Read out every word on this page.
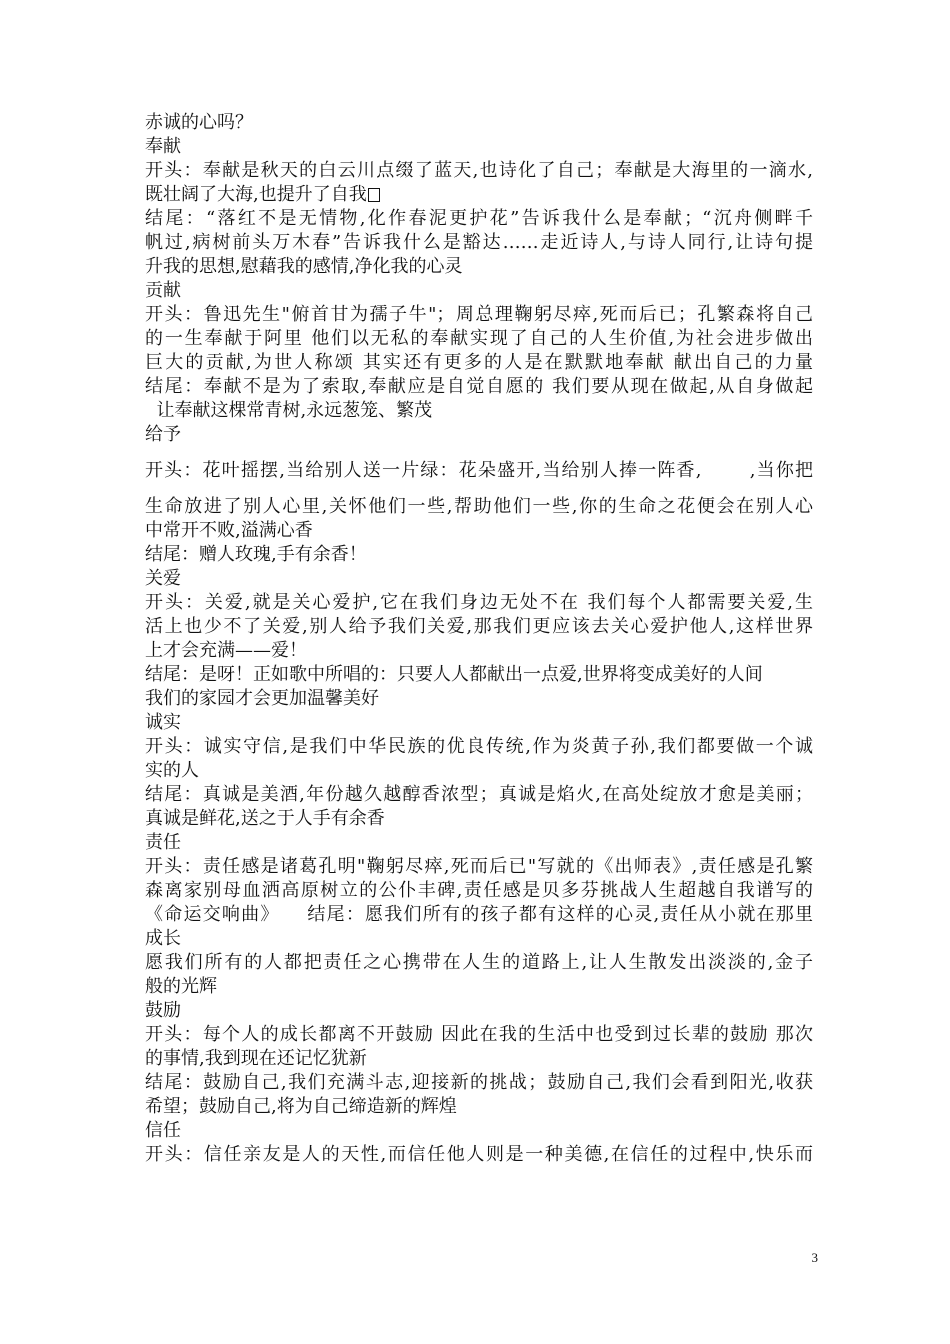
赤诚的心吗？
奉献
开头：奉献是秋天的白云川点缀了蓝天,也诗化了自己；奉献是大海里的一滴水,
既壮阔了大海,也提升了自我
结尾：“落红不是无情物,化作春泥更护花”告诉我什么是奉献；“沉舟侧畔千
帆过,病树前头万木春”告诉我什么是豁达……走近诗人,与诗人同行,让诗句提
升我的思想,慰藉我的感情,净化我的心灵
贡献
开头：鲁迅先生"俯首甘为孺子牛"；周总理鞠躬尽瘁,死而后已；孔繁森将自己
的一生奉献于阿里 他们以无私的奉献实现了自己的人生价值,为社会进步做出
巨大的贡献,为世人称颂 其实还有更多的人是在默默地奉献 献出自己的力量
结尾：奉献不是为了索取,奉献应是自觉自愿的 我们要从现在做起,从自身做起
让奉献这棵常青树,永远葱笼、繁茂
给予
开头：花叶摇摆,当给别人送一片绿：花朵盛开,当给别人捧一阵香,       ,当你把
生命放进了别人心里,关怀他们一些,帮助他们一些,你的生命之花便会在别人心
中常开不败,溢满心香
结尾：赠人玫瑰,手有余香！
关爱
开头：关爱,就是关心爱护,它在我们身边无处不在 我们每个人都需要关爱,生
活上也少不了关爱,别人给予我们关爱,那我们更应该去关心爱护他人,这样世界
上才会充满——爱！
结尾：是呀！正如歌中所唱的：只要人人都献出一点爱,世界将变成美好的人间
我们的家园才会更加温馨美好
诚实
开头：诚实守信,是我们中华民族的优良传统,作为炎黄子孙,我们都要做一个诚
实的人
结尾：真诚是美酒,年份越久越醇香浓型；真诚是焰火,在高处绽放才愈是美丽；
真诚是鲜花,送之于人手有余香
责任
开头：责任感是诸葛孔明"鞠躬尽瘁,死而后已"写就的《出师表》,责任感是孔繁
森离家别母血洒高原树立的公仆丰碑,责任感是贝多芬挑战人生超越自我谱写的
《命运交响曲》    结尾：愿我们所有的孩子都有这样的心灵,责任从小就在那里
成长
愿我们所有的人都把责任之心携带在人生的道路上,让人生散发出淡淡的,金子
般的光辉
鼓励
开头：每个人的成长都离不开鼓励 因此在我的生活中也受到过长辈的鼓励 那次
的事情,我到现在还记忆犹新
结尾：鼓励自己,我们充满斗志,迎接新的挑战；鼓励自己,我们会看到阳光,收获
希望；鼓励自己,将为自己缔造新的辉煌
信任
开头：信任亲友是人的天性,而信任他人则是一种美德,在信任的过程中,快乐而
3
